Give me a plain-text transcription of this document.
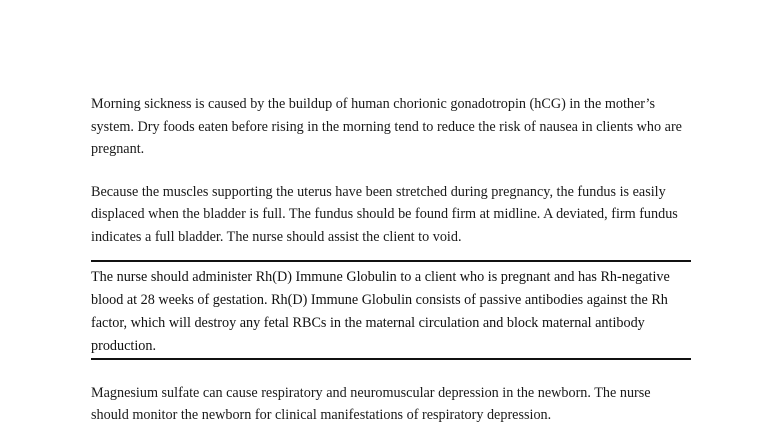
Morning sickness is caused by the buildup of human chorionic gonadotropin (hCG) in the mother’s system. Dry foods eaten before rising in the morning tend to reduce the risk of nausea in clients who are pregnant.

Because the muscles supporting the uterus have been stretched during pregnancy, the fundus is easily displaced when the bladder is full. The fundus should be found firm at midline. A deviated, firm fundus indicates a full bladder. The nurse should assist the client to void.

The nurse should administer Rh(D) Immune Globulin to a client who is pregnant and has Rh-negative blood at 28 weeks of gestation. Rh(D) Immune Globulin consists of passive antibodies against the Rh factor, which will destroy any fetal RBCs in the maternal circulation and block maternal antibody production.

Magnesium sulfate can cause respiratory and neuromuscular depression in the newborn. The nurse should monitor the newborn for clinical manifestations of respiratory depression.
